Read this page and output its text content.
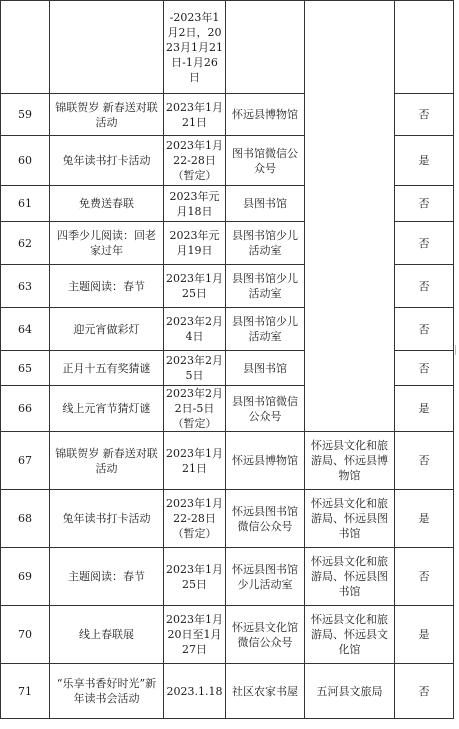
		-2023年1月2日，2023月1月21日-1月26日			
59	锦联贺岁 新春送对联活动	2023年1月21日	怀远县博物馆		否
60	兔年读书打卡活动	2023年1月22-28日（暂定）	图书馆微信公众号		是
61	免费送春联	2023年元月18日	县图书馆		否
62	四季少儿阅读：回老家过年	2023年元月19日	县图书馆少儿活动室		否
63	主题阅读：春节	2023年1月25日	县图书馆少儿活动室		否
64	迎元宵做彩灯	2023年2月4日	县图书馆少儿活动室		否
65	正月十五有奖猜谜	2023年2月5日	县图书馆		否
66	线上元宵节猜灯谜	2023年2月2日-5日（暂定）	县图书馆微信公众号		是
67	锦联贺岁 新春送对联活动	2023年1月21日	怀远县博物馆	怀远县文化和旅游局、怀远县博物馆	否
68	兔年读书打卡活动	2023年1月22-28日（暂定）	怀远县图书馆微信公众号	怀远县文化和旅游局、怀远县图书馆	是
69	主题阅读：春节	2023年1月25日	怀远县图书馆少儿活动室	怀远县文化和旅游局、怀远县图书馆	否
70	线上春联展	2023年1月20日至1月27日	怀远县文化馆微信公众号	怀远县文化和旅游局、怀远县文化馆	是
71	“乐享书香好时光”新年读书会活动	2023.1.18	社区农家书屋	五河县文旅局	否
